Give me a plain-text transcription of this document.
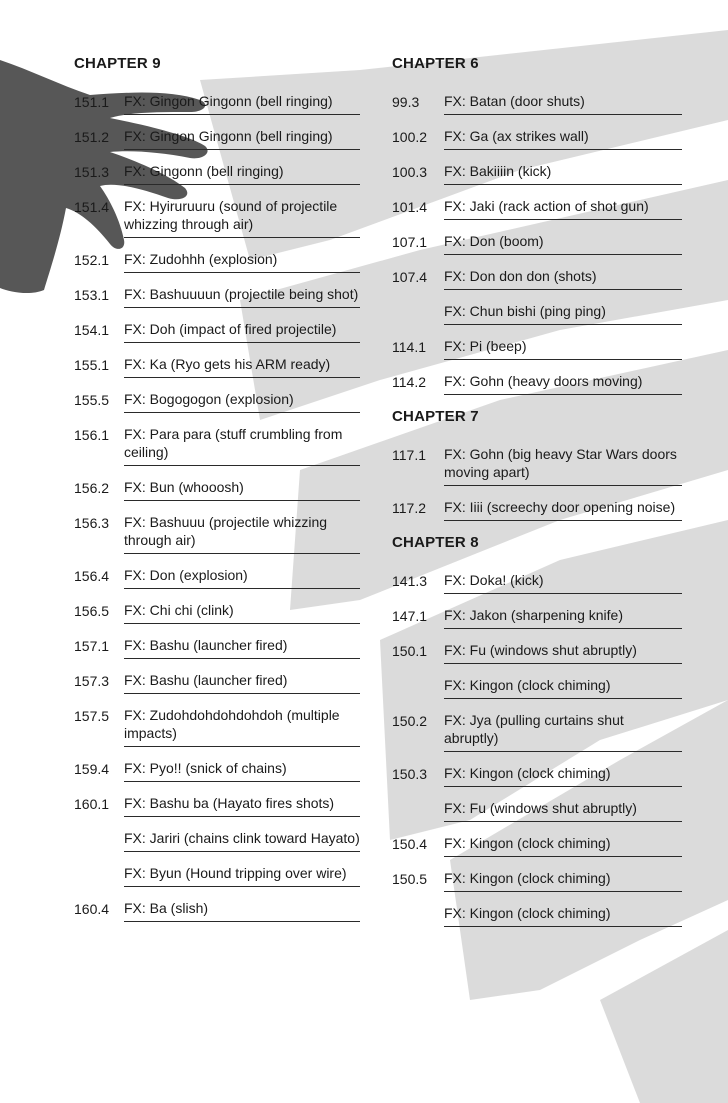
CHAPTER 9
151.1	FX: Gingon Gingonn (bell ringing)
151.2	FX: Gingon Gingonn (bell ringing)
151.3	FX: Gingonn (bell ringing)
151.4	FX: Hyiruruuru (sound of projectile whizzing through air)
152.1	FX: Zudohhh (explosion)
153.1	FX: Bashuuuun (projectile being shot)
154.1	FX: Doh (impact of fired projectile)
155.1	FX: Ka (Ryo gets his ARM ready)
155.5	FX: Bogogogon (explosion)
156.1	FX: Para para (stuff crumbling from ceiling)
156.2	FX: Bun (whooosh)
156.3	FX: Bashuuu (projectile whizzing through air)
156.4	FX: Don (explosion)
156.5	FX: Chi chi (clink)
157.1	FX: Bashu (launcher fired)
157.3	FX: Bashu (launcher fired)
157.5	FX: Zudohdohdohdohdoh (multiple impacts)
159.4	FX: Pyo!! (snick of chains)
160.1	FX: Bashu ba (Hayato fires shots)
FX: Jariri (chains clink toward Hayato)
FX: Byun (Hound tripping over wire)
160.4	FX: Ba (slish)
CHAPTER 6
99.3	FX: Batan (door shuts)
100.2	FX: Ga (ax strikes wall)
100.3	FX: Bakiiiin (kick)
101.4	FX: Jaki (rack action of shot gun)
107.1	FX: Don (boom)
107.4	FX: Don don don (shots)
FX: Chun bishi (ping ping)
114.1	FX: Pi (beep)
114.2	FX: Gohn (heavy doors moving)
CHAPTER 7
117.1	FX: Gohn (big heavy Star Wars doors moving apart)
117.2	FX: Iiii (screechy door opening noise)
CHAPTER 8
141.3	FX: Doka! (kick)
147.1	FX: Jakon (sharpening knife)
150.1	FX: Fu (windows shut abruptly)
FX: Kingon (clock chiming)
150.2	FX: Jya (pulling curtains shut abruptly)
150.3	FX: Kingon (clock chiming)
FX: Fu (windows shut abruptly)
150.4	FX: Kingon (clock chiming)
150.5	FX: Kingon (clock chiming)
FX: Kingon (clock chiming)
